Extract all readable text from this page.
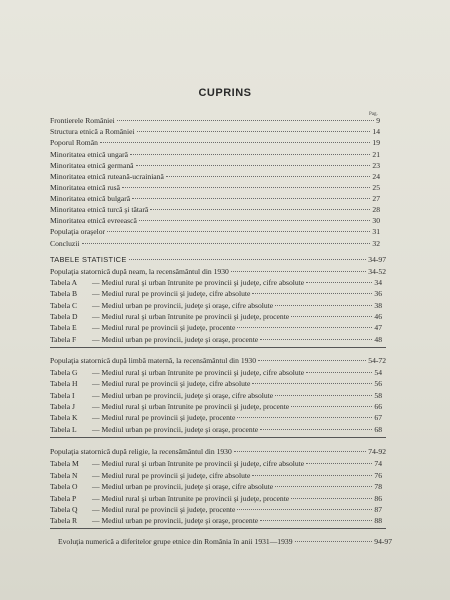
CUPRINS
Pag.
Frontierele României	9
Structura etnică a României	14
Poporul Român	19
Minoritatea etnică ungară	21
Minoritatea etnică germană	23
Minoritatea etnică ruteană-ucrainiană	24
Minoritatea etnică rusă	25
Minoritatea etnică bulgară	27
Minoritatea etnică turcă şi tătară	28
Minoritatea etnică evreească	30
Populaţia oraşelor	31
Concluzii	32
TABELE STATISTICE	34-97
Populaţia statornică după neam, la recensământul din 1930	34-52
Tabela A	— Mediul rural şi urban întrunite pe provincii şi judeţe, cifre absolute	34
Tabela B	— Mediul rural pe provincii şi judeţe, cifre absolute	36
Tabela C	— Mediul urban pe provincii, judeţe şi oraşe, cifre absolute	38
Tabela D	— Mediul rural şi urban întrunite pe provincii şi judeţe, procente	46
Tabela E	— Mediul rural pe provincii şi judeţe, procente	47
Tabela F	— Mediul urban pe provincii, judeţe şi oraşe, procente	48
Populaţia statornică după limbă maternă, la recensământul din 1930	54-72
Tabela G	— Mediul rural şi urban întrunite pe provincii şi judeţe, cifre absolute	54
Tabela H	— Mediul rural pe provincii şi judeţe, cifre absolute	56
Tabela I	— Mediul urban pe provincii, judeţe şi oraşe, cifre absolute	58
Tabela J	— Mediul rural şi urban întrunite pe provincii şi judeţe, procente	66
Tabela K	— Mediul rural pe provincii şi judeţe, procente	67
Tabela L	— Mediul urban pe provincii, judeţe şi oraşe, procente	68
Populaţia statornică după religie, la recensământul din 1930	74-92
Tabela M	— Mediul rural şi urban întrunite pe provincii şi judeţe, cifre absolute	74
Tabela N	— Mediul rural pe provincii şi judeţe, cifre absolute	76
Tabela O	— Mediul urban pe provincii, judeţe şi oraşe, cifre absolute	78
Tabela P	— Mediul rural şi urban întrunite pe provincii şi judeţe, procente	86
Tabela Q	— Mediul rural pe provincii şi judeţe, procente	87
Tabela R	— Mediul urban pe provincii, judeţe şi oraşe, procente	88
Evoluţia numerică a diferitelor grupe etnice din România în anii 1931—1939	94-97
